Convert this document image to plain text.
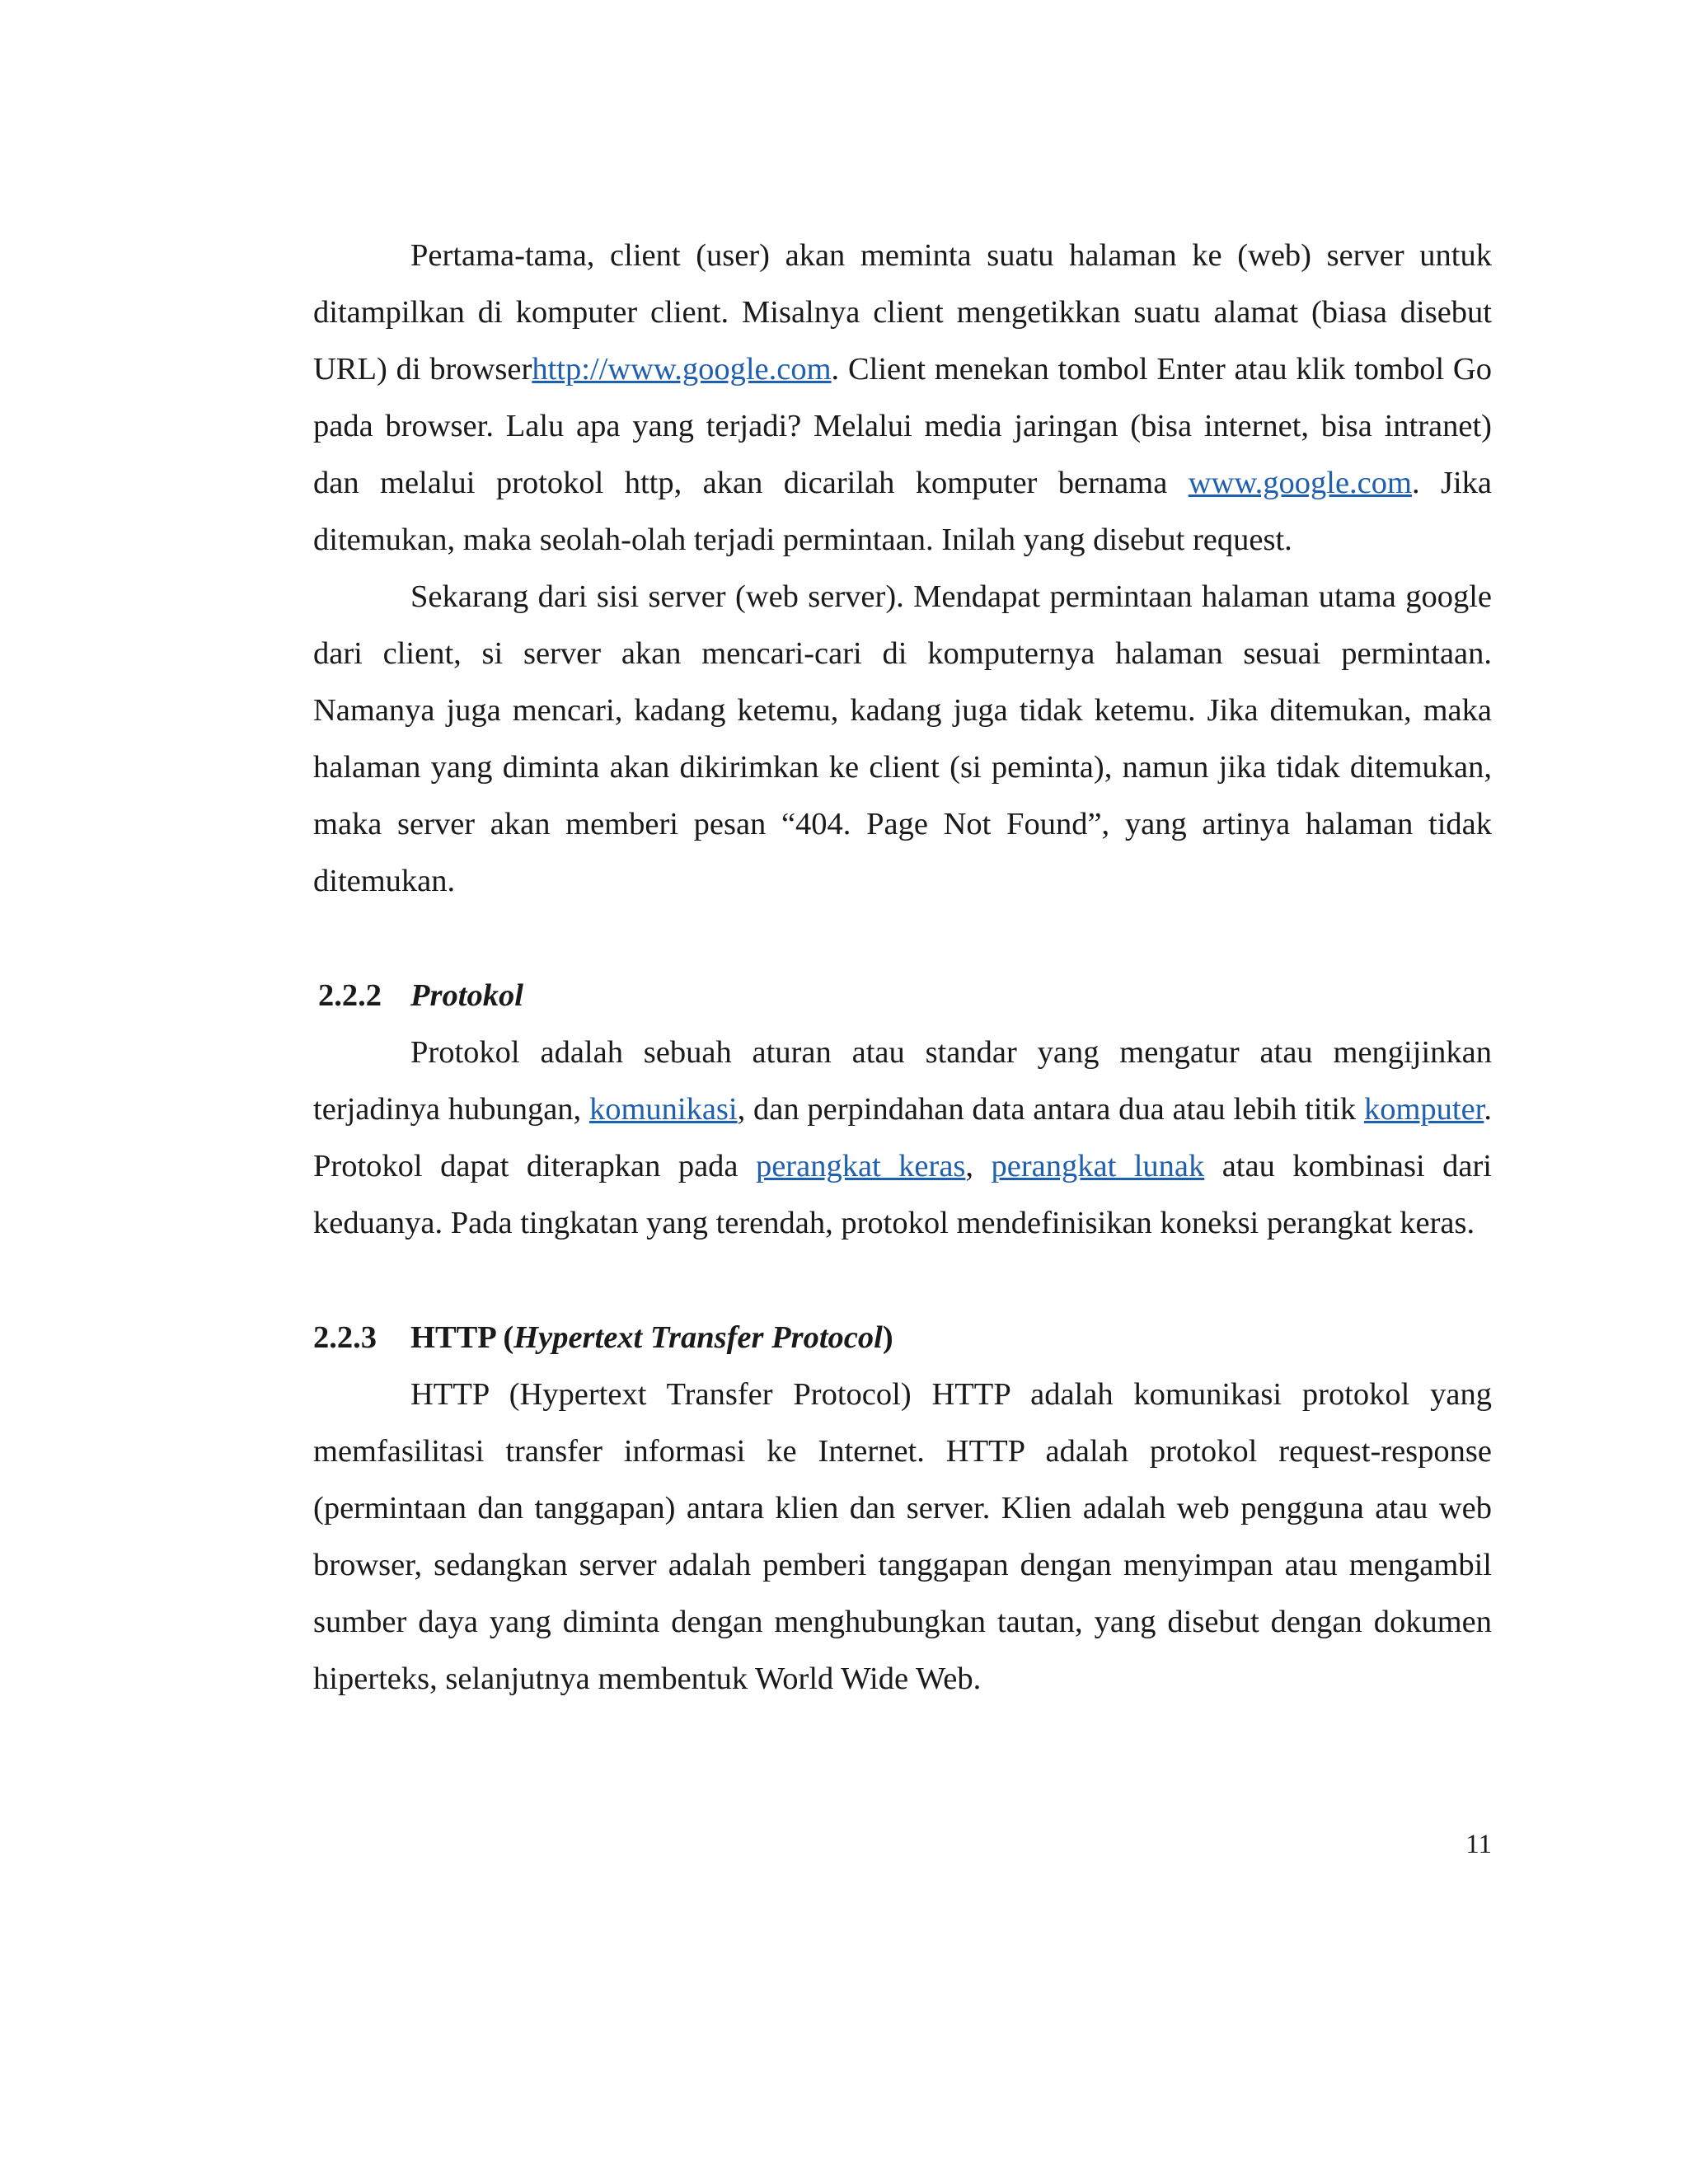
Pertama-tama, client (user) akan meminta suatu halaman ke (web) server untuk ditampilkan di komputer client. Misalnya client mengetikkan suatu alamat (biasa disebut URL) di browserhttp://www.google.com. Client menekan tombol Enter atau klik tombol Go pada browser. Lalu apa yang terjadi? Melalui media jaringan (bisa internet, bisa intranet) dan melalui protokol http, akan dicarilah komputer bernama www.google.com. Jika ditemukan, maka seolah-olah terjadi permintaan. Inilah yang disebut request.

Sekarang dari sisi server (web server). Mendapat permintaan halaman utama google dari client, si server akan mencari-cari di komputernya halaman sesuai permintaan. Namanya juga mencari, kadang ketemu, kadang juga tidak ketemu. Jika ditemukan, maka halaman yang diminta akan dikirimkan ke client (si peminta), namun jika tidak ditemukan, maka server akan memberi pesan “404. Page Not Found”, yang artinya halaman tidak ditemukan.

2.2.2 Protokol

Protokol adalah sebuah aturan atau standar yang mengatur atau mengijinkan terjadinya hubungan, komunikasi, dan perpindahan data antara dua atau lebih titik komputer. Protokol dapat diterapkan pada perangkat keras, perangkat lunak atau kombinasi dari keduanya. Pada tingkatan yang terendah, protokol mendefinisikan koneksi perangkat keras.

2.2.3 HTTP (Hypertext Transfer Protocol)

HTTP (Hypertext Transfer Protocol) HTTP adalah komunikasi protokol yang memfasilitasi transfer informasi ke Internet. HTTP adalah protokol request-response (permintaan dan tanggapan) antara klien dan server. Klien adalah web pengguna atau web browser, sedangkan server adalah pemberi tanggapan dengan menyimpan atau mengambil sumber daya yang diminta dengan menghubungkan tautan, yang disebut dengan dokumen hiperteks, selanjutnya membentuk World Wide Web.

11
